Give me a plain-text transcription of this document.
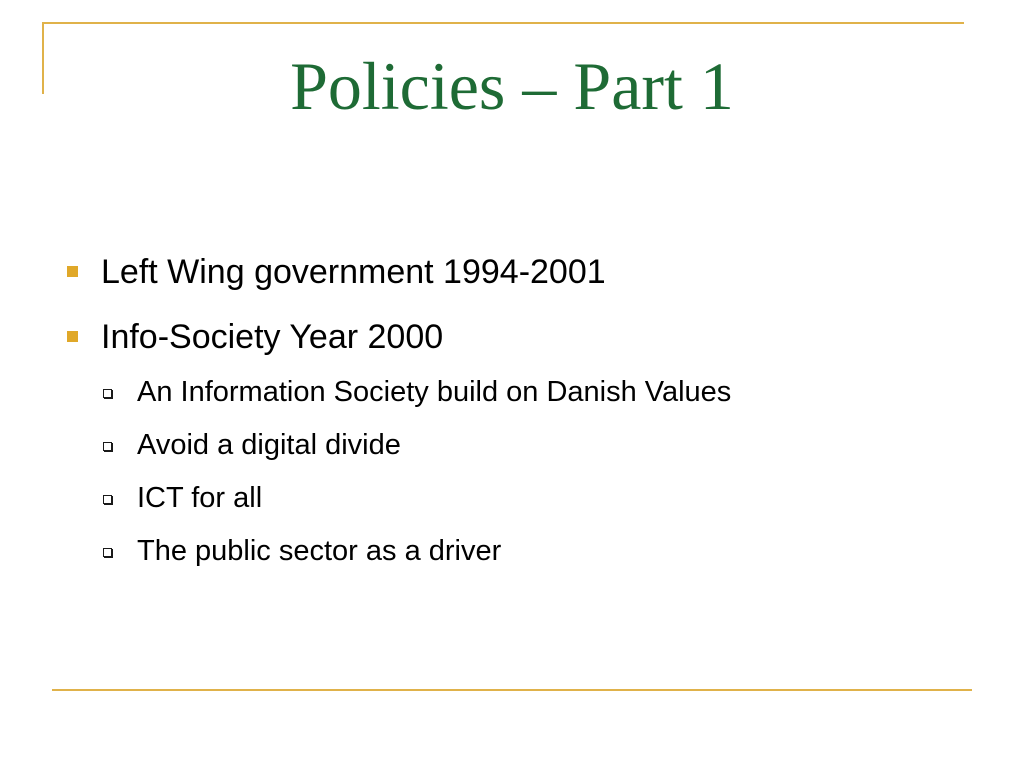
Policies – Part 1
Left Wing government 1994-2001
Info-Society Year 2000
An Information Society build on Danish Values
Avoid a digital divide
ICT for all
The public sector as a driver
